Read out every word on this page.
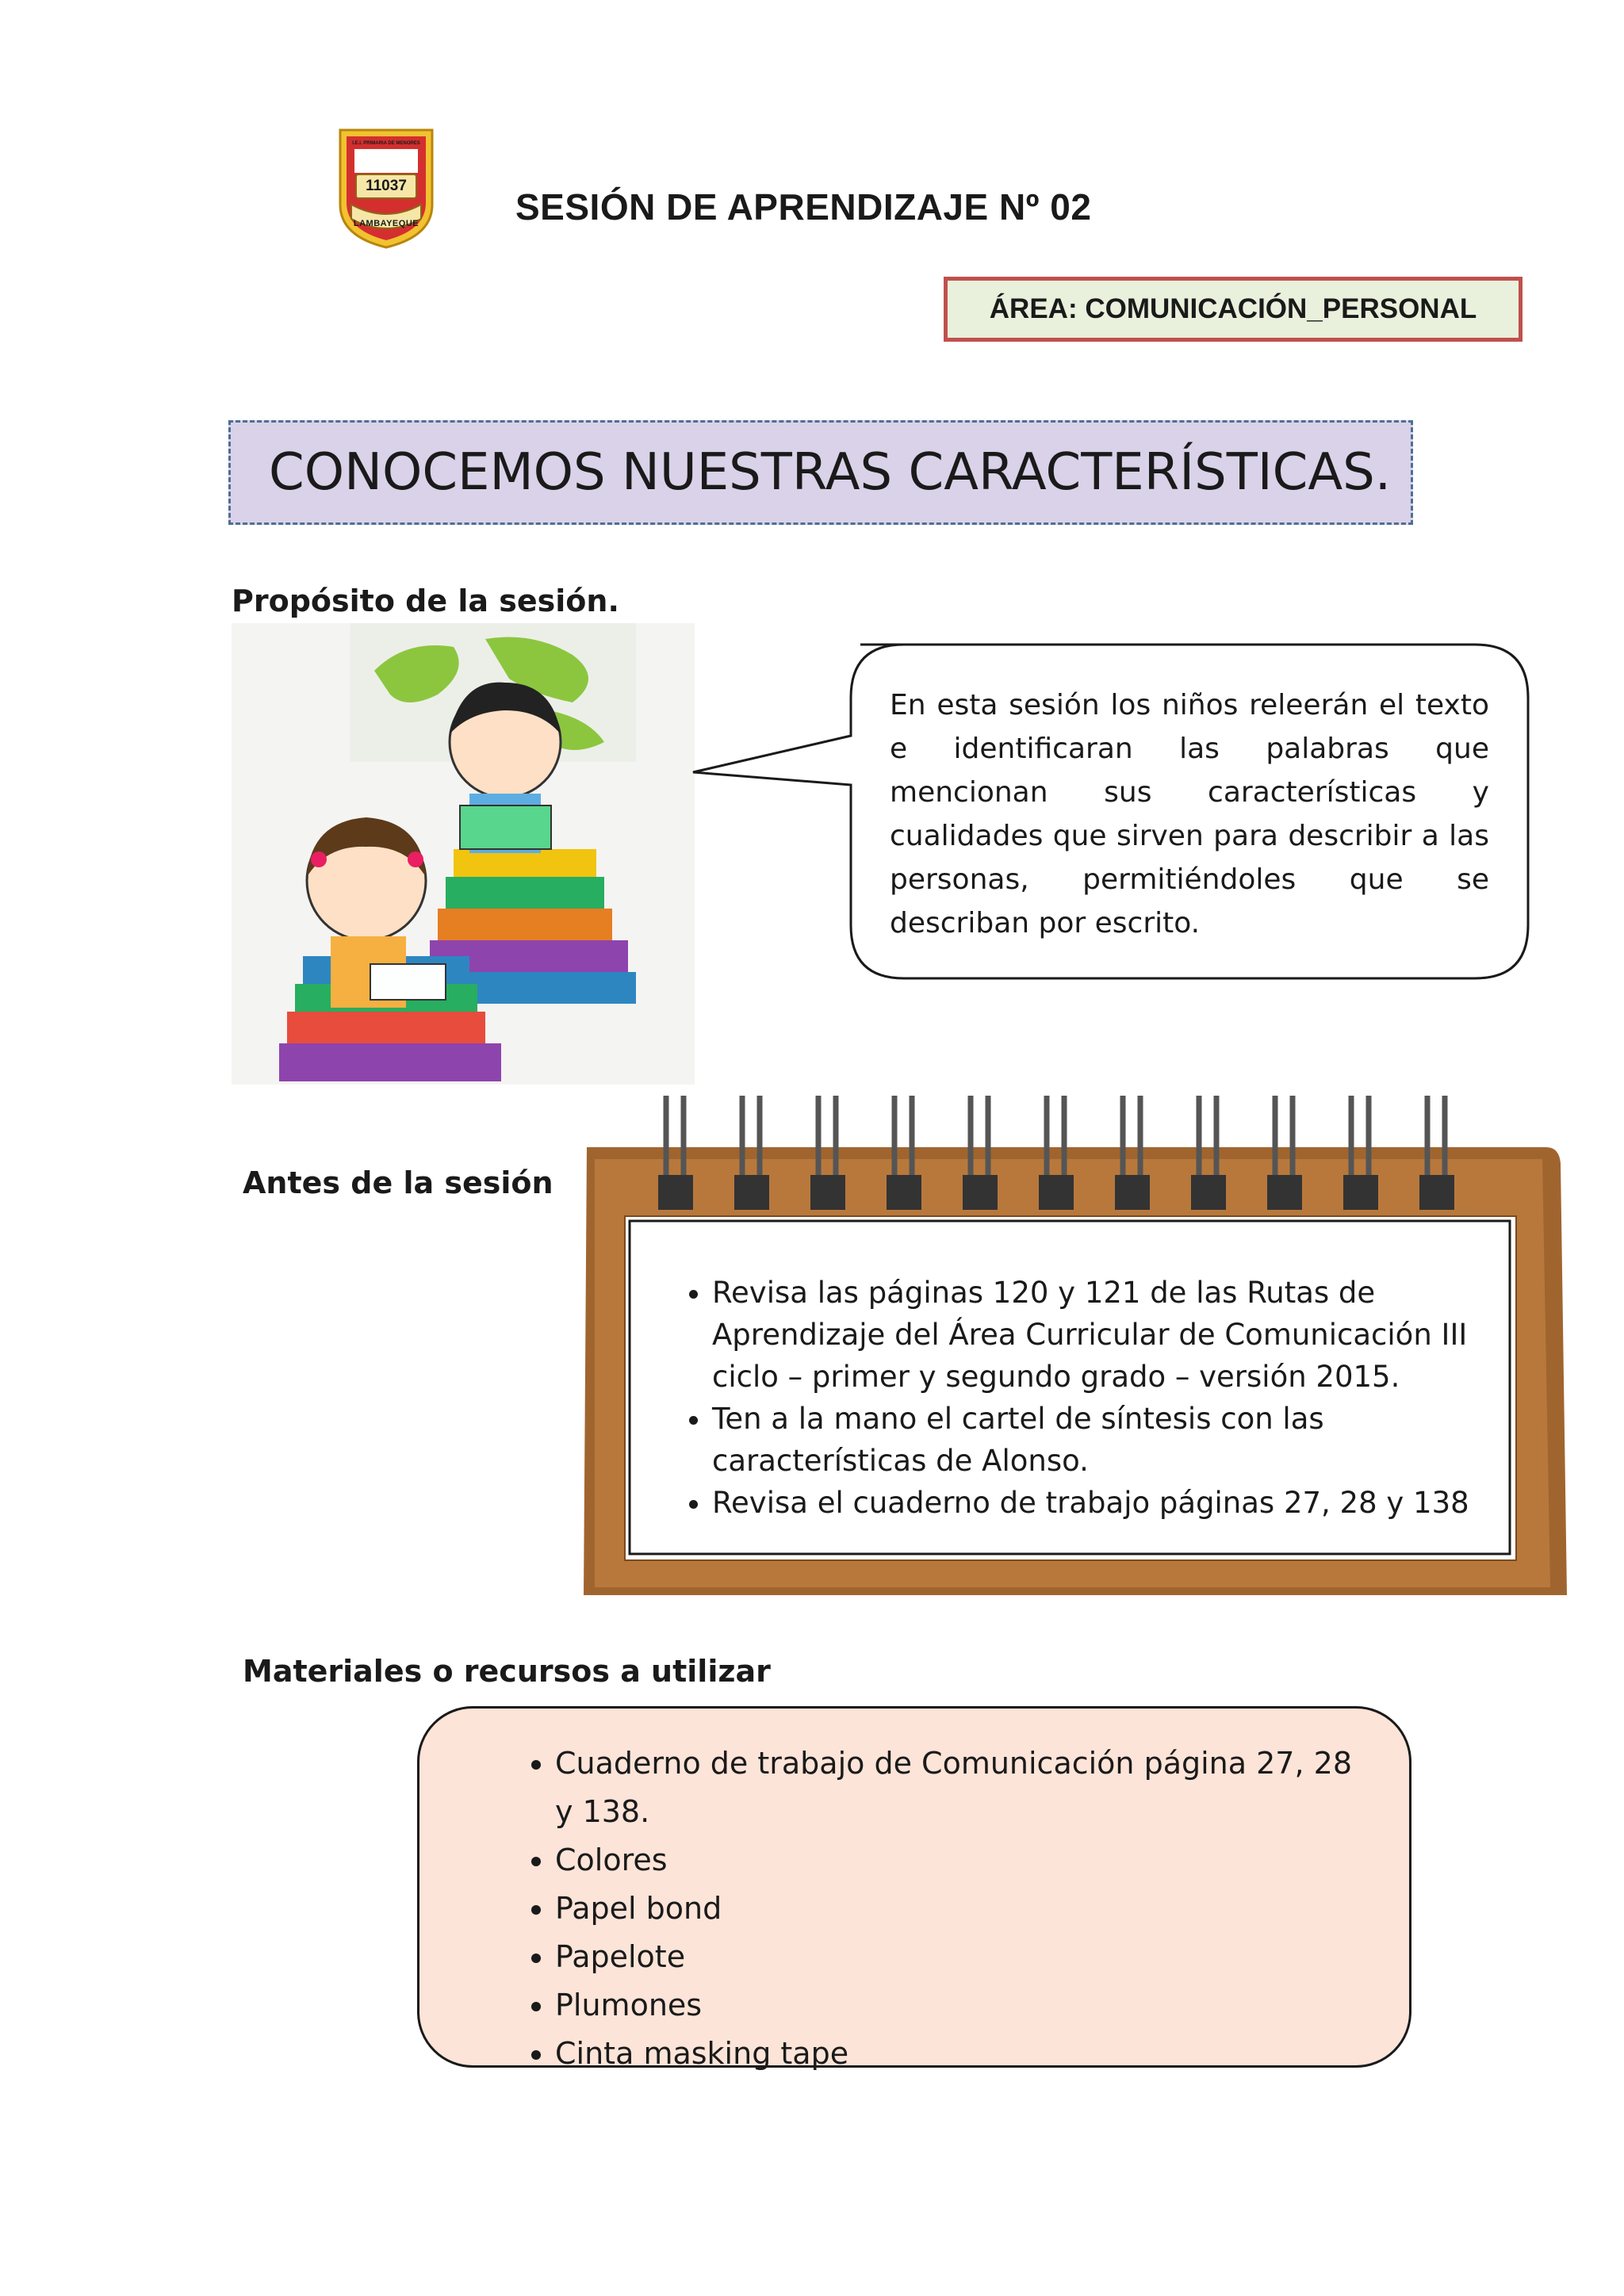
I.E.I. PRIMARIA DE MENORES
11037
LAMBAYEQUE	SESIÓN DE APRENDIZAJE Nº 02
ÁREA: COMUNICACIÓN_PERSONAL
CONOCEMOS NUESTRAS CARACTERÍSTICAS.
Propósito de la sesión.
En esta sesión los niños releerán el texto e identificaran las palabras que mencionan sus características y cualidades que sirven para describir a las personas, permitiéndoles que se describan por escrito.
Antes de la sesión
• Revisa las páginas 120 y 121 de las Rutas de Aprendizaje del Área Curricular de Comunicación III ciclo – primer y segundo grado – versión 2015.
• Ten a la mano el cartel de síntesis con las características de Alonso.
• Revisa el cuaderno de trabajo páginas 27, 28 y 138
Materiales o recursos a utilizar
• Cuaderno de trabajo de Comunicación página 27, 28 y 138.
• Colores
• Papel bond
• Papelote
• Plumones
• Cinta masking tape
